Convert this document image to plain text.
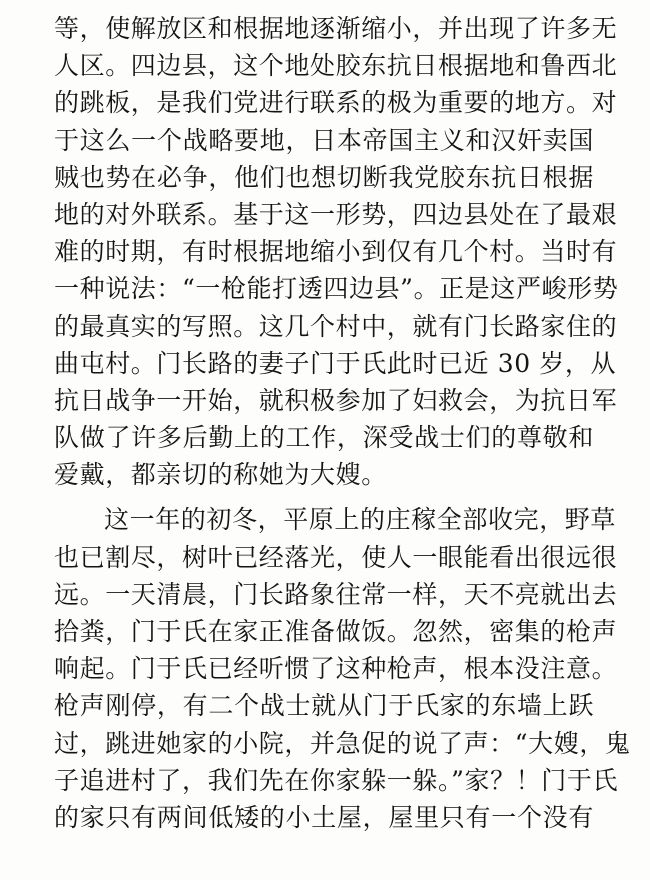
等，使解放区和根据地逐渐缩小，并出现了许多无
人区。四边县，这个地处胶东抗日根据地和鲁西北
的跳板，是我们党进行联系的极为重要的地方。对
于这么一个战略要地，日本帝国主义和汉奸卖国
贼也势在必争，他们也想切断我党胶东抗日根据
地的对外联系。基于这一形势，四边县处在了最艰
难的时期，有时根据地缩小到仅有几个村。当时有
一种说法：“一枪能打透四边县”。正是这严峻形势
的最真实的写照。这几个村中，就有门长路家住的
曲屯村。门长路的妻子门于氏此时已近 30 岁，从
抗日战争一开始，就积极参加了妇救会，为抗日军
队做了许多后勤上的工作，深受战士们的尊敬和
爱戴，都亲切的称她为大嫂。
这一年的初冬，平原上的庄稼全部收完，野草
也已割尽，树叶已经落光，使人一眼能看出很远很
远。一天清晨，门长路象往常一样，天不亮就出去
拾粪，门于氏在家正准备做饭。忽然，密集的枪声
响起。门于氏已经听惯了这种枪声，根本没注意。
枪声刚停，有二个战士就从门于氏家的东墙上跃
过，跳进她家的小院，并急促的说了声：“大嫂，鬼
子追进村了，我们先在你家躲一躲。”家？！门于氏
的家只有两间低矮的小土屋，屋里只有一个没有
